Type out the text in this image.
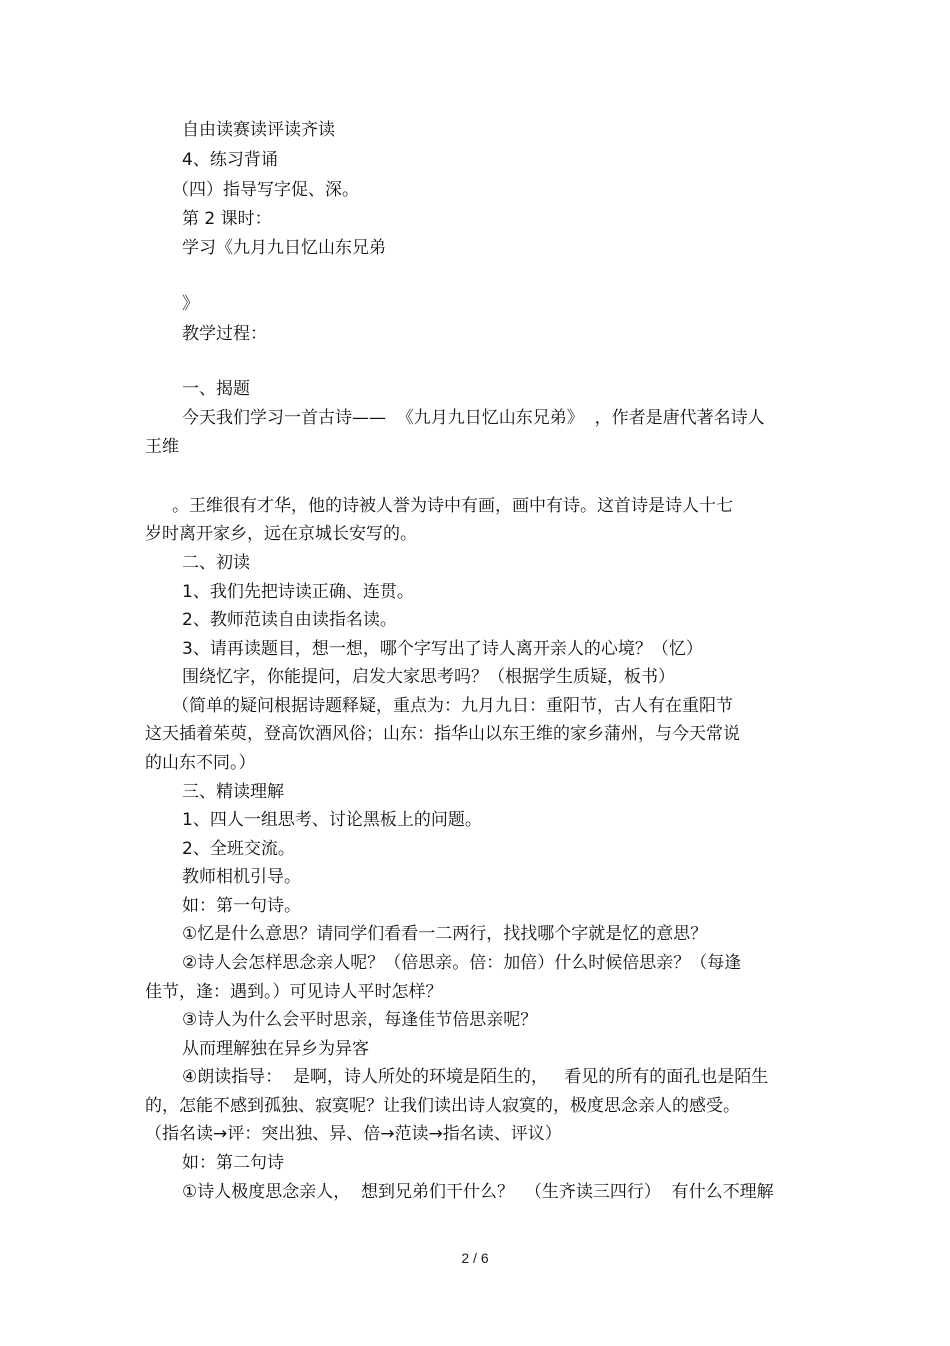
自由读赛读评读齐读
4、练习背诵
（四）指导写字促、深。
第 2 课时：
学习《九月九日忆山东兄弟
》
教学过程：
一、揭题
今天我们学习一首古诗——  《九月九日忆山东兄弟》  ，作者是唐代著名诗人
王维
。王维很有才华，他的诗被人誉为诗中有画，画中有诗。这首诗是诗人十七
岁时离开家乡，远在京城长安写的。
二、初读
1、我们先把诗读正确、连贯。
2、教师范读自由读指名读。
3、请再读题目，想一想，哪个字写出了诗人离开亲人的心境？（忆）
围绕忆字，你能提问，启发大家思考吗？（根据学生质疑，板书）
（简单的疑问根据诗题释疑，重点为：九月九日：重阳节，古人有在重阳节
这天插着茱萸，登高饮酒风俗；山东：指华山以东王维的家乡蒲州，与今天常说
的山东不同。）
三、精读理解
1、四人一组思考、讨论黑板上的问题。
2、全班交流。
教师相机引导。
如：第一句诗。
①忆是什么意思？请同学们看看一二两行，找找哪个字就是忆的意思？
②诗人会怎样思念亲人呢？（倍思亲。倍：加倍）什么时候倍思亲？（每逢
佳节，逢：遇到。）可见诗人平时怎样？
③诗人为什么会平时思亲，每逢佳节倍思亲呢？
从而理解独在异乡为异客
④朗读指导：  是啊，诗人所处的环境是陌生的，   看见的所有的面孔也是陌生
的，怎能不感到孤独、寂寞呢？让我们读出诗人寂寞的，极度思念亲人的感受。
（指名读→评：突出独、异、倍→范读→指名读、评议）
如：第二句诗
①诗人极度思念亲人，  想到兄弟们干什么？  （生齐读三四行）  有什么不理解
2 / 6
